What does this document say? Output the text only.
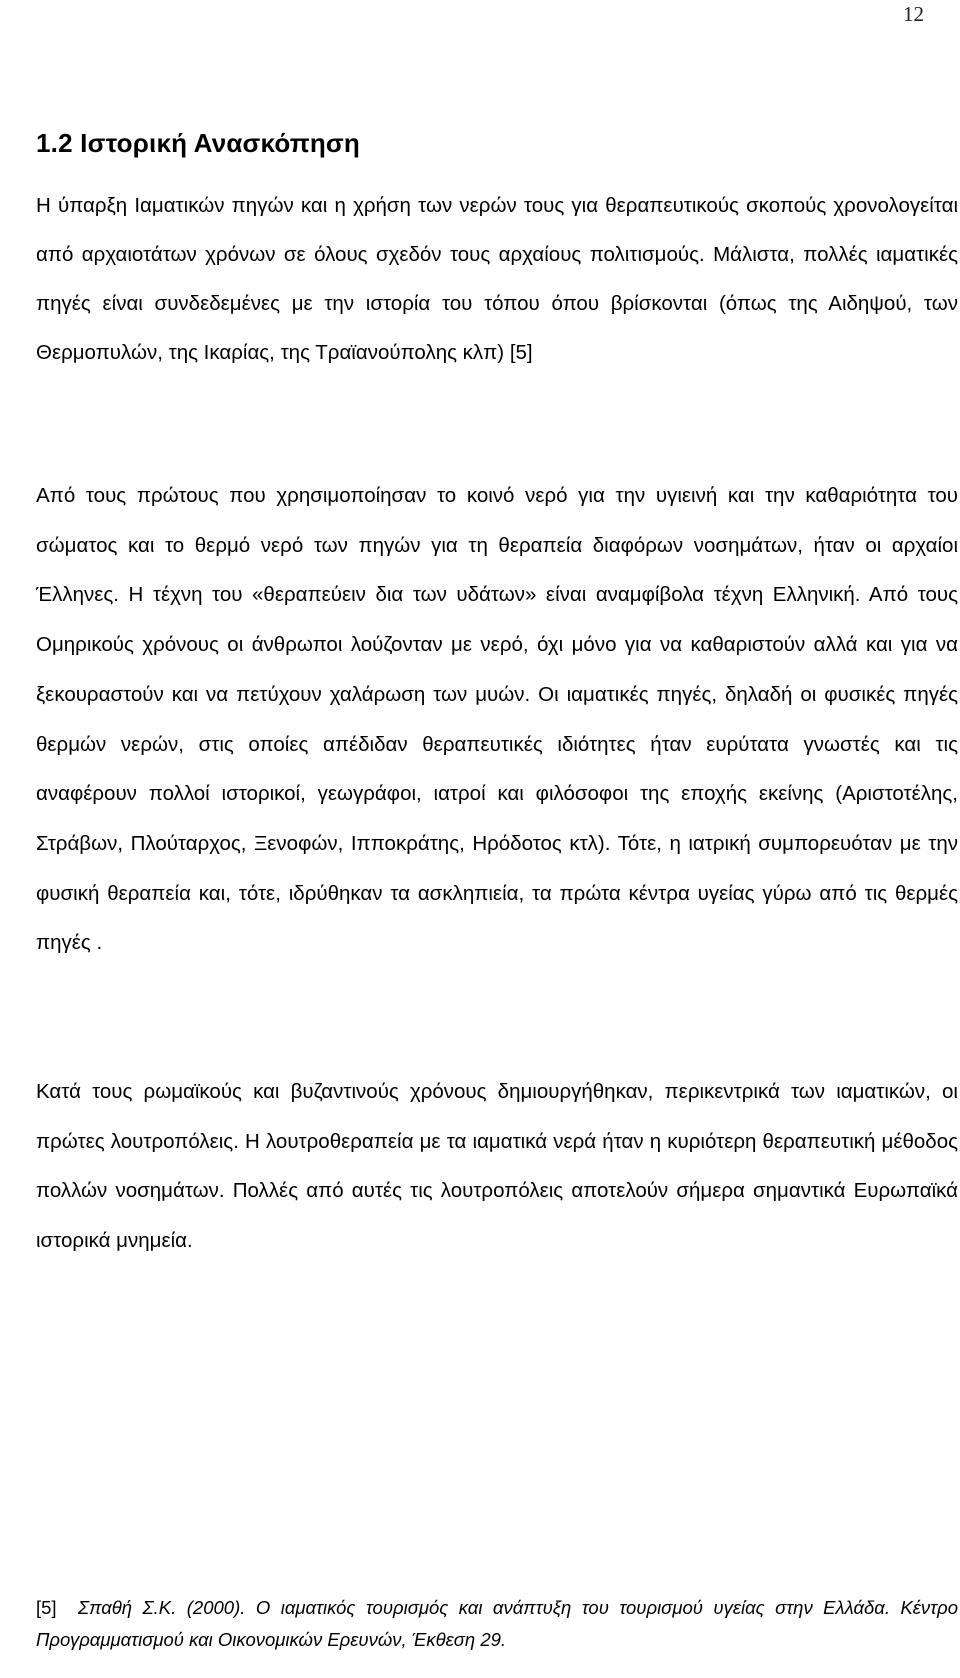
12
1.2 Ιστορική Ανασκόπηση

Η ύπαρξη Ιαματικών πηγών και η χρήση των νερών τους για θεραπευτικούς σκοπούς χρονολογείται από αρχαιοτάτων χρόνων σε όλους σχεδόν τους αρχαίους πολιτισμούς. Μάλιστα, πολλές ιαματικές πηγές είναι συνδεδεμένες με την ιστορία του τόπου όπου βρίσκονται (όπως της Αιδηψού, των Θερμοπυλών, της Ικαρίας, της Τραϊανούπολης κλπ) [5]

Από τους πρώτους που χρησιμοποίησαν το κοινό νερό για την υγιεινή και την καθαριότητα του σώματος και το θερμό νερό των πηγών για τη θεραπεία διαφόρων νοσημάτων, ήταν οι αρχαίοι Έλληνες. Η τέχνη του «θεραπεύειν δια των υδάτων» είναι αναμφίβολα τέχνη Ελληνική. Από τους Ομηρικούς χρόνους οι άνθρωποι λούζονταν με νερό, όχι μόνο για να καθαριστούν αλλά και για να ξεκουραστούν και να πετύχουν χαλάρωση των μυών. Οι ιαματικές πηγές, δηλαδή οι φυσικές πηγές θερμών νερών, στις οποίες απέδιδαν θεραπευτικές ιδιότητες ήταν ευρύτατα γνωστές και τις αναφέρουν πολλοί ιστορικοί, γεωγράφοι, ιατροί και φιλόσοφοι της εποχής εκείνης (Αριστοτέλης, Στράβων, Πλούταρχος, Ξενοφών, Ιπποκράτης, Ηρόδοτος κτλ). Τότε, η ιατρική συμπορευόταν με την φυσική θεραπεία και, τότε, ιδρύθηκαν τα ασκληπιεία, τα πρώτα κέντρα υγείας γύρω από τις θερμές πηγές .

Κατά τους ρωμαϊκούς και βυζαντινούς χρόνους δημιουργήθηκαν, περικεντρικά των ιαματικών, οι πρώτες λουτροπόλεις. Η λουτροθεραπεία με τα ιαματικά νερά ήταν η κυριότερη θεραπευτική μέθοδος πολλών νοσημάτων. Πολλές από αυτές τις λουτροπόλεις αποτελούν σήμερα σημαντικά Ευρωπαϊκά ιστορικά μνημεία.

[5] Σπαθή Σ.Κ. (2000). Ο ιαματικός τουρισμός και ανάπτυξη του τουρισμού υγείας στην Ελλάδα. Κέντρο Προγραμματισμού και Οικονομικών Ερευνών, Έκθεση 29.
